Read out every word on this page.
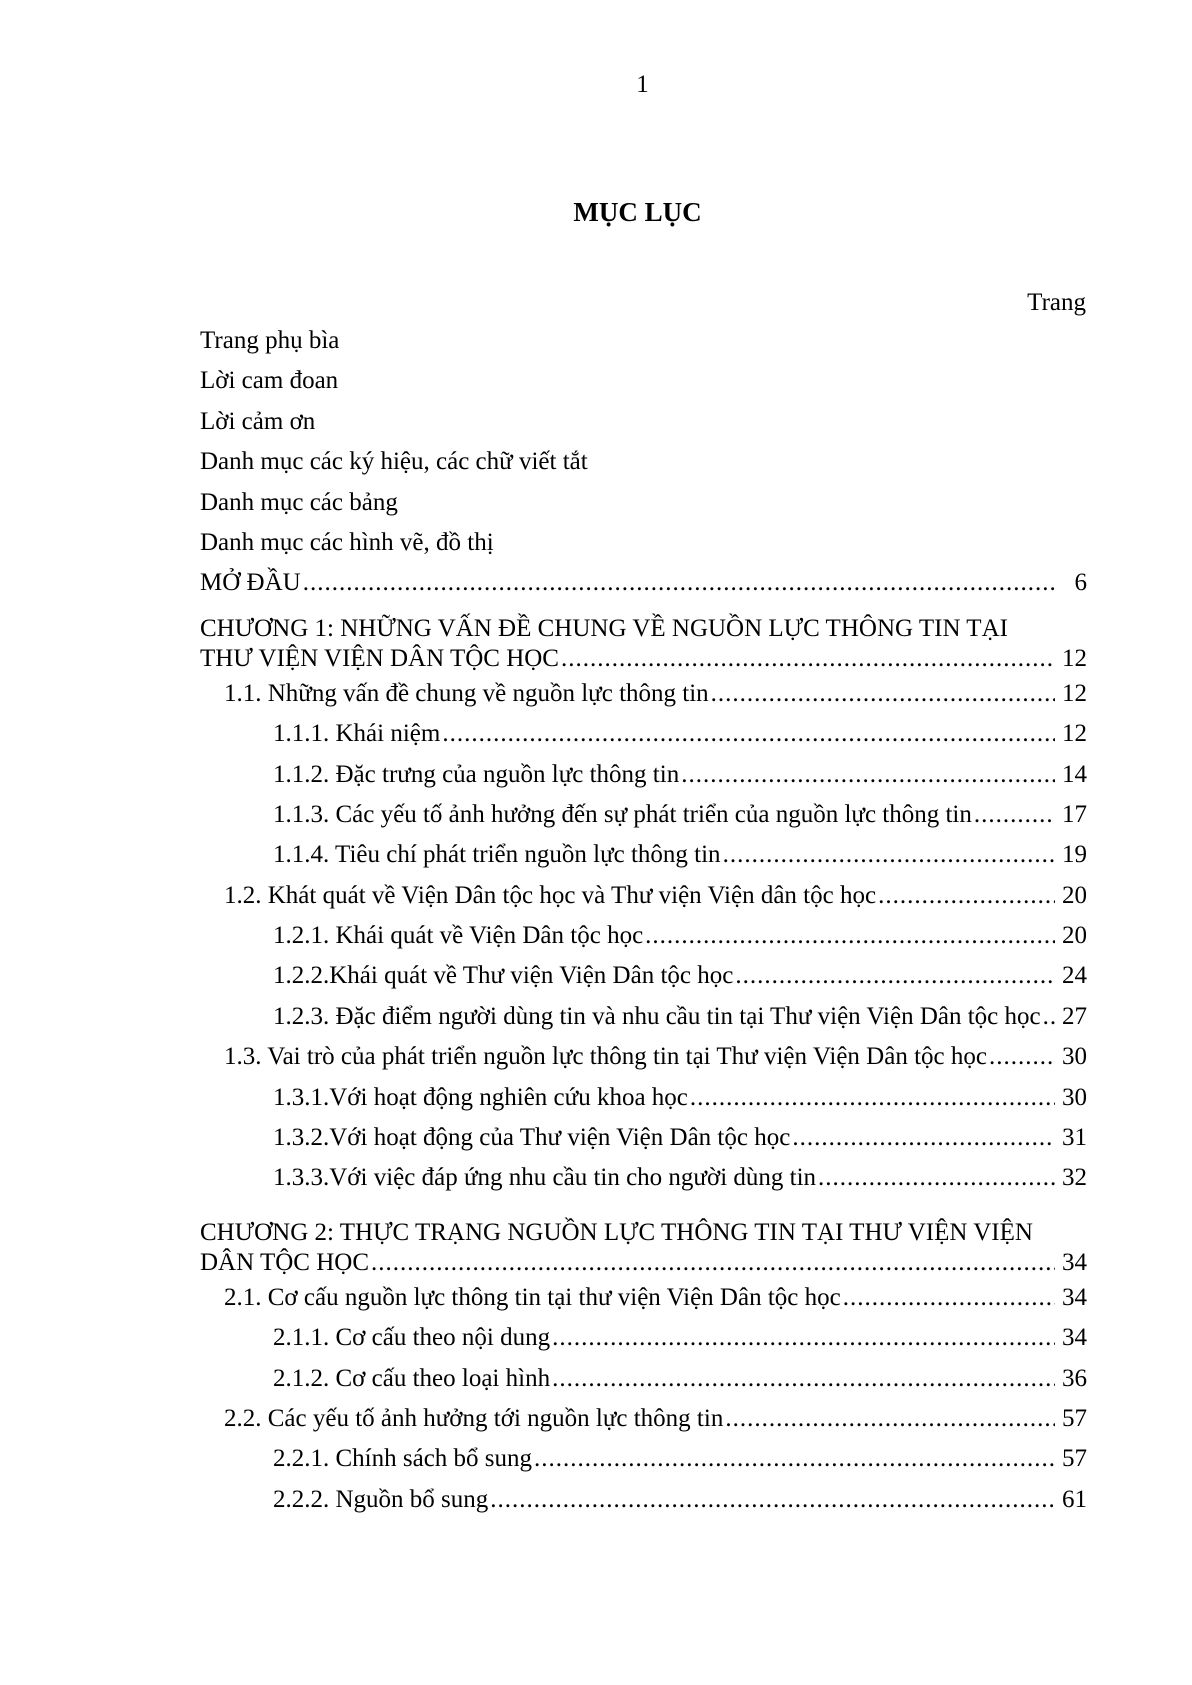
1
MỤC LỤC
Trang
Trang phụ bìa
Lời cam đoan
Lời cảm ơn
Danh mục các ký hiệu, các chữ viết tắt
Danh mục các bảng
Danh mục các hình vẽ, đồ thị
MỞ ĐẦU .....	6
CHƯƠNG 1: NHỮNG VẤN ĐỀ CHUNG VỀ NGUỒN LỰC THÔNG TIN TẠI
THƯ VIỆN VIỆN DÂN TỘC HỌC .....	12
1.1. Những vấn đề chung về nguồn lực thông tin .....	12
1.1.1. Khái niệm .....	12
1.1.2. Đặc trưng của nguồn lực thông tin .....	14
1.1.3. Các yếu tố ảnh hưởng đến sự phát triển của nguồn lực thông tin .....	17
1.1.4. Tiêu chí phát triển nguồn lực thông tin .....	19
1.2. Khát quát về Viện Dân tộc học và Thư viện Viện dân tộc học .....	20
1.2.1. Khái quát về Viện Dân tộc học .....	20
1.2.2.Khái quát về Thư viện Viện Dân tộc học .....	24
1.2.3. Đặc điểm người dùng tin và nhu cầu tin tại Thư viện Viện Dân tộc học ..... 27
1.3. Vai trò của phát triển nguồn lực thông tin tại Thư viện Viện Dân tộc học .....	30
1.3.1.Với hoạt động nghiên cứu khoa học .....	30
1.3.2.Với hoạt động của Thư viện Viện Dân tộc học .....	31
1.3.3.Với việc đáp ứng nhu cầu tin cho người dùng tin .....	32
CHƯƠNG 2: THỰC TRẠNG NGUỒN LỰC THÔNG TIN TẠI THƯ VIỆN VIỆN
DÂN TỘC HỌC .....	34
2.1. Cơ cấu nguồn lực thông tin tại thư viện Viện Dân tộc học .....	34
2.1.1. Cơ cấu theo nội dung .....	34
2.1.2. Cơ cấu theo loại hình .....	36
2.2. Các yếu tố ảnh hưởng tới nguồn lực thông tin .....	57
2.2.1. Chính sách bổ sung .....	57
2.2.2. Nguồn bổ sung .....	61
